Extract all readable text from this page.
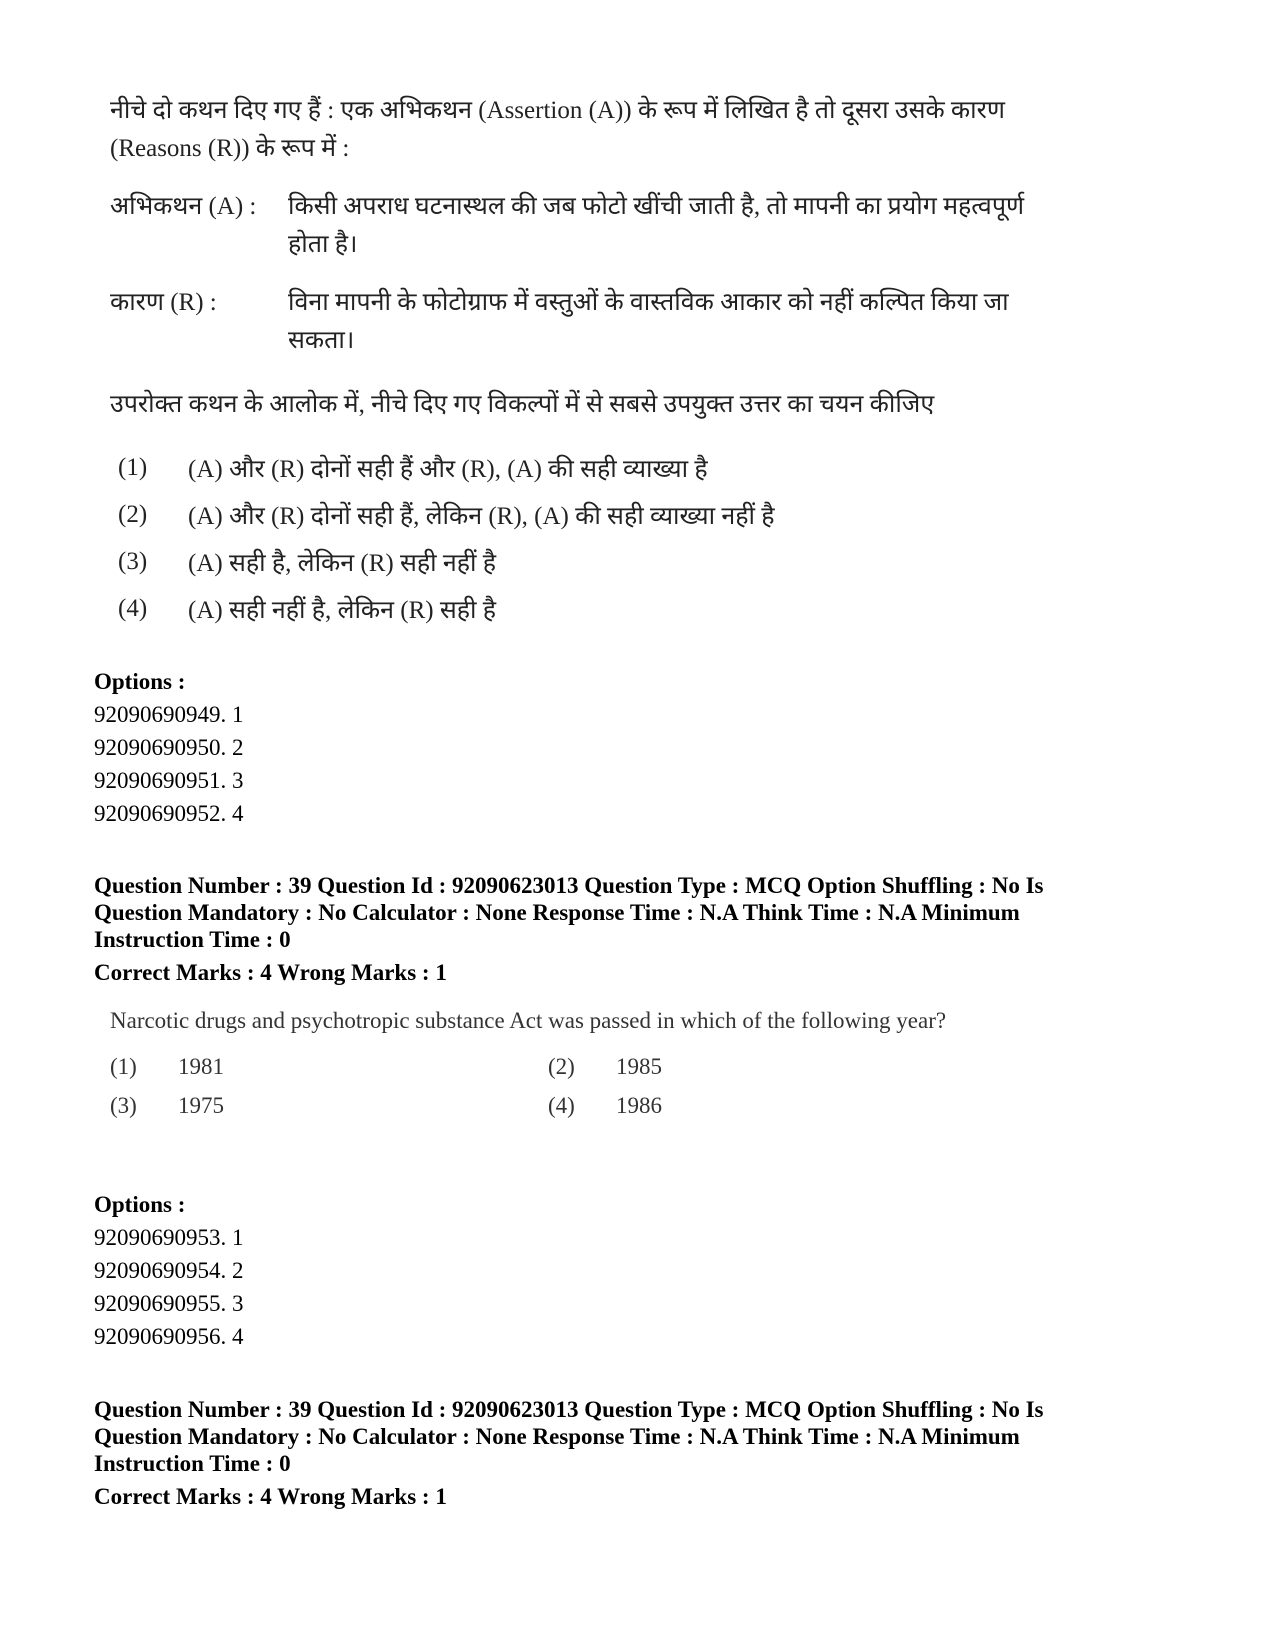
नीचे दो कथन दिए गए हैं : एक अभिकथन (Assertion (A)) के रूप में लिखित है तो दूसरा उसके कारण (Reasons (R)) के रूप में :

अभिकथन (A) :	किसी अपराध घटनास्थल की जब फोटो खींची जाती है, तो मापनी का प्रयोग महत्वपूर्ण होता है।
कारण (R) :	विना मापनी के फोटोग्राफ में वस्तुओं के वास्तविक आकार को नहीं कल्पित किया जा सकता।
उपरोक्त कथन के आलोक में, नीचे दिए गए विकल्पों में से सबसे उपयुक्त उत्तर का चयन कीजिए
(1)	(A) और (R) दोनों सही हैं और (R), (A) की सही व्याख्या है
(2)	(A) और (R) दोनों सही हैं, लेकिन (R), (A) की सही व्याख्या नहीं है
(3)	(A) सही है, लेकिन (R) सही नहीं है
(4)	(A) सही नहीं है, लेकिन (R) सही है
Options :
92090690949. 1
92090690950. 2
92090690951. 3
92090690952. 4
Question Number : 39 Question Id : 92090623013 Question Type : MCQ Option Shuffling : No Is
Question Mandatory : No Calculator : None Response Time : N.A Think Time : N.A Minimum
Instruction Time : 0
Correct Marks : 4 Wrong Marks : 1
Narcotic drugs and psychotropic substance Act was passed in which of the following year?
(1)	1981	(2)	1985
(3)	1975	(4)	1986
Options :
92090690953. 1
92090690954. 2
92090690955. 3
92090690956. 4
Question Number : 39 Question Id : 92090623013 Question Type : MCQ Option Shuffling : No Is
Question Mandatory : No Calculator : None Response Time : N.A Think Time : N.A Minimum
Instruction Time : 0
Correct Marks : 4 Wrong Marks : 1
